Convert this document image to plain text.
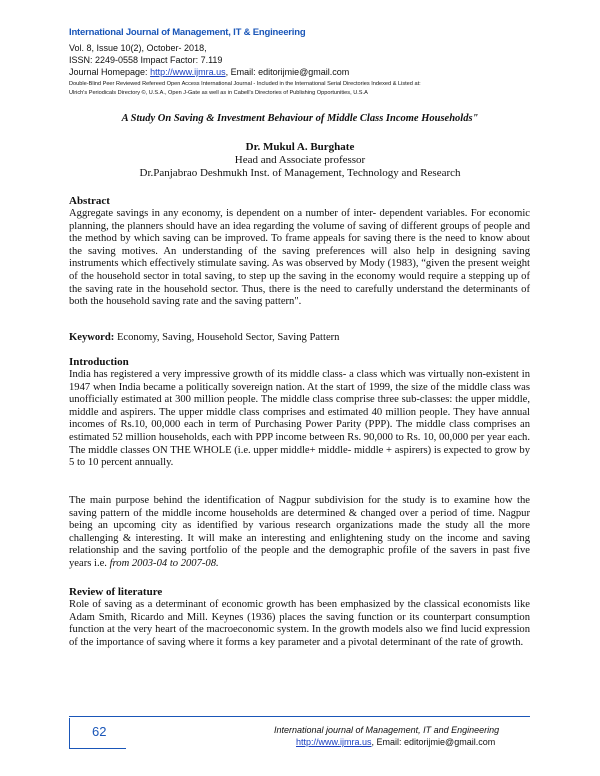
International Journal of Management, IT & Engineering
Vol. 8, Issue 10(2), October- 2018,
ISSN: 2249-0558 Impact Factor: 7.119
Journal Homepage: http://www.ijmra.us, Email: editorijmie@gmail.com
Double-Blind Peer Reviewed Refereed Open Access International Journal - Included in the International Serial Directories Indexed & Listed at:
Ulrich's Periodicals Directory ©, U.S.A., Open J-Gate as well as in Cabell's Directories of Publishing Opportunities, U.S.A
A Study On Saving & Investment Behaviour of Middle Class Income Households"
Dr. Mukul A. Burghate
Head and Associate professor
Dr.Panjabrao Deshmukh Inst. of Management, Technology and Research
Abstract
Aggregate savings in any economy, is dependent on a number of inter- dependent variables. For economic planning, the planners should have an idea regarding the volume of saving of different groups of people and the method by which saving can be improved. To frame appeals for saving there is the need to know about the saving motives. An understanding of the saving preferences will also help in designing saving instruments which effectively stimulate saving. As was observed by Mody (1983), “given the present weight of the household sector in total saving, to step up the saving in the economy would require a stepping up of the saving rate in the household sector. Thus, there is the need to carefully understand the determinants of both the household saving rate and the saving pattern".
Keyword: Economy, Saving, Household Sector, Saving Pattern
Introduction
India has registered a very impressive growth of its middle class- a class which was virtually non-existent in 1947 when India became a politically sovereign nation. At the start of 1999, the size of the middle class was unofficially estimated at 300 million people. The middle class comprise three sub-classes: the upper middle, middle and aspirers. The upper middle class comprises and estimated 40 million people. They have annual incomes of Rs.10, 00,000 each in term of Purchasing Power Parity (PPP). The middle class comprises an estimated 52 million households, each with PPP income between Rs. 90,000 to Rs. 10, 00,000 per year each. The middle classes ON THE WHOLE (i.e. upper middle+ middle- middle + aspirers) is expected to grow by 5 to 10 percent annually.
The main purpose behind the identification of Nagpur subdivision for the study is to examine how the saving pattern of the middle income households are determined & changed over a period of time. Nagpur being an upcoming city as identified by various research organizations made the study all the more challenging & interesting. It will make an interesting and enlightening study on the income and saving relationship and the saving portfolio of the people and the demographic profile of the savers in past five years i.e. from 2003-04 to 2007-08.
Review of literature
Role of saving as a determinant of economic growth has been emphasized by the classical economists like Adam Smith, Ricardo and Mill. Keynes (1936) places the saving function or its counterpart consumption function at the very heart of the macroeconomic system. In the growth models also we find lucid expression of the importance of saving where it forms a key parameter and a pivotal determinant of the rate of growth.
62	International journal of Management, IT and Engineering
http://www.ijmra.us, Email: editorijmie@gmail.com
